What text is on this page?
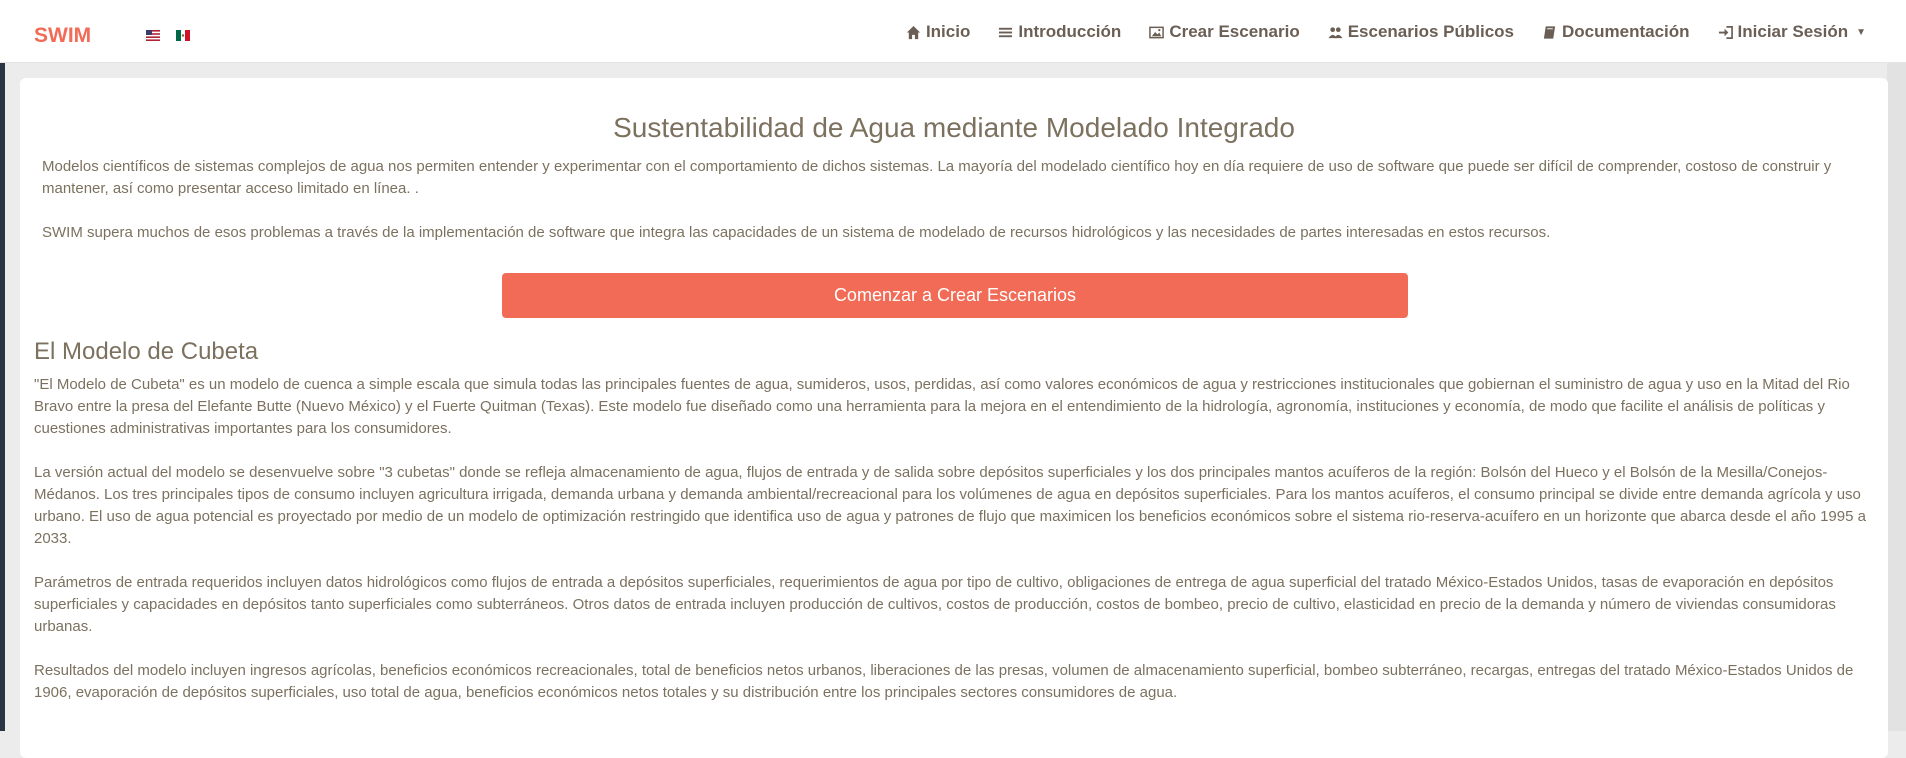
SWIM	Inicio	Introducción	Crear Escenario	Escenarios Públicos	Documentación	Iniciar Sesión ▼
Sustentabilidad de Agua mediante Modelado Integrado

Modelos científicos de sistemas complejos de agua nos permiten entender y experimentar con el comportamiento de dichos sistemas. La mayoría del modelado científico hoy en día requiere de uso de software que puede ser difícil de comprender, costoso de construir y mantener, así como presentar acceso limitado en línea. .

SWIM supera muchos de esos problemas a través de la implementación de software que integra las capacidades de un sistema de modelado de recursos hidrológicos y las necesidades de partes interesadas en estos recursos.

Comenzar a Crear Escenarios
El Modelo de Cubeta

"El Modelo de Cubeta" es un modelo de cuenca a simple escala que simula todas las principales fuentes de agua, sumideros, usos, perdidas, así como valores económicos de agua y restricciones institucionales que gobiernan el suministro de agua y uso en la Mitad del Rio Bravo entre la presa del Elefante Butte (Nuevo México) y el Fuerte Quitman (Texas). Este modelo fue diseñado como una herramienta para la mejora en el entendimiento de la hidrología, agronomía, instituciones y economía, de modo que facilite el análisis de políticas y cuestiones administrativas importantes para los consumidores.

La versión actual del modelo se desenvuelve sobre "3 cubetas" donde se refleja almacenamiento de agua, flujos de entrada y de salida sobre depósitos superficiales y los dos principales mantos acuíferos de la región: Bolsón del Hueco y el Bolsón de la Mesilla/Conejos-Médanos. Los tres principales tipos de consumo incluyen agricultura irrigada, demanda urbana y demanda ambiental/recreacional para los volúmenes de agua en depósitos superficiales. Para los mantos acuíferos, el consumo principal se divide entre demanda agrícola y uso urbano. El uso de agua potencial es proyectado por medio de un modelo de optimización restringido que identifica uso de agua y patrones de flujo que maximicen los beneficios económicos sobre el sistema rio-reserva-acuífero en un horizonte que abarca desde el año 1995 a 2033.

Parámetros de entrada requeridos incluyen datos hidrológicos como flujos de entrada a depósitos superficiales, requerimientos de agua por tipo de cultivo, obligaciones de entrega de agua superficial del tratado México-Estados Unidos, tasas de evaporación en depósitos superficiales y capacidades en depósitos tanto superficiales como subterráneos. Otros datos de entrada incluyen producción de cultivos, costos de producción, costos de bombeo, precio de cultivo, elasticidad en precio de la demanda y número de viviendas consumidoras urbanas.

Resultados del modelo incluyen ingresos agrícolas, beneficios económicos recreacionales, total de beneficios netos urbanos, liberaciones de las presas, volumen de almacenamiento superficial, bombeo subterráneo, recargas, entregas del tratado México-Estados Unidos de 1906, evaporación de depósitos superficiales, uso total de agua, beneficios económicos netos totales y su distribución entre los principales sectores consumidores de agua.
